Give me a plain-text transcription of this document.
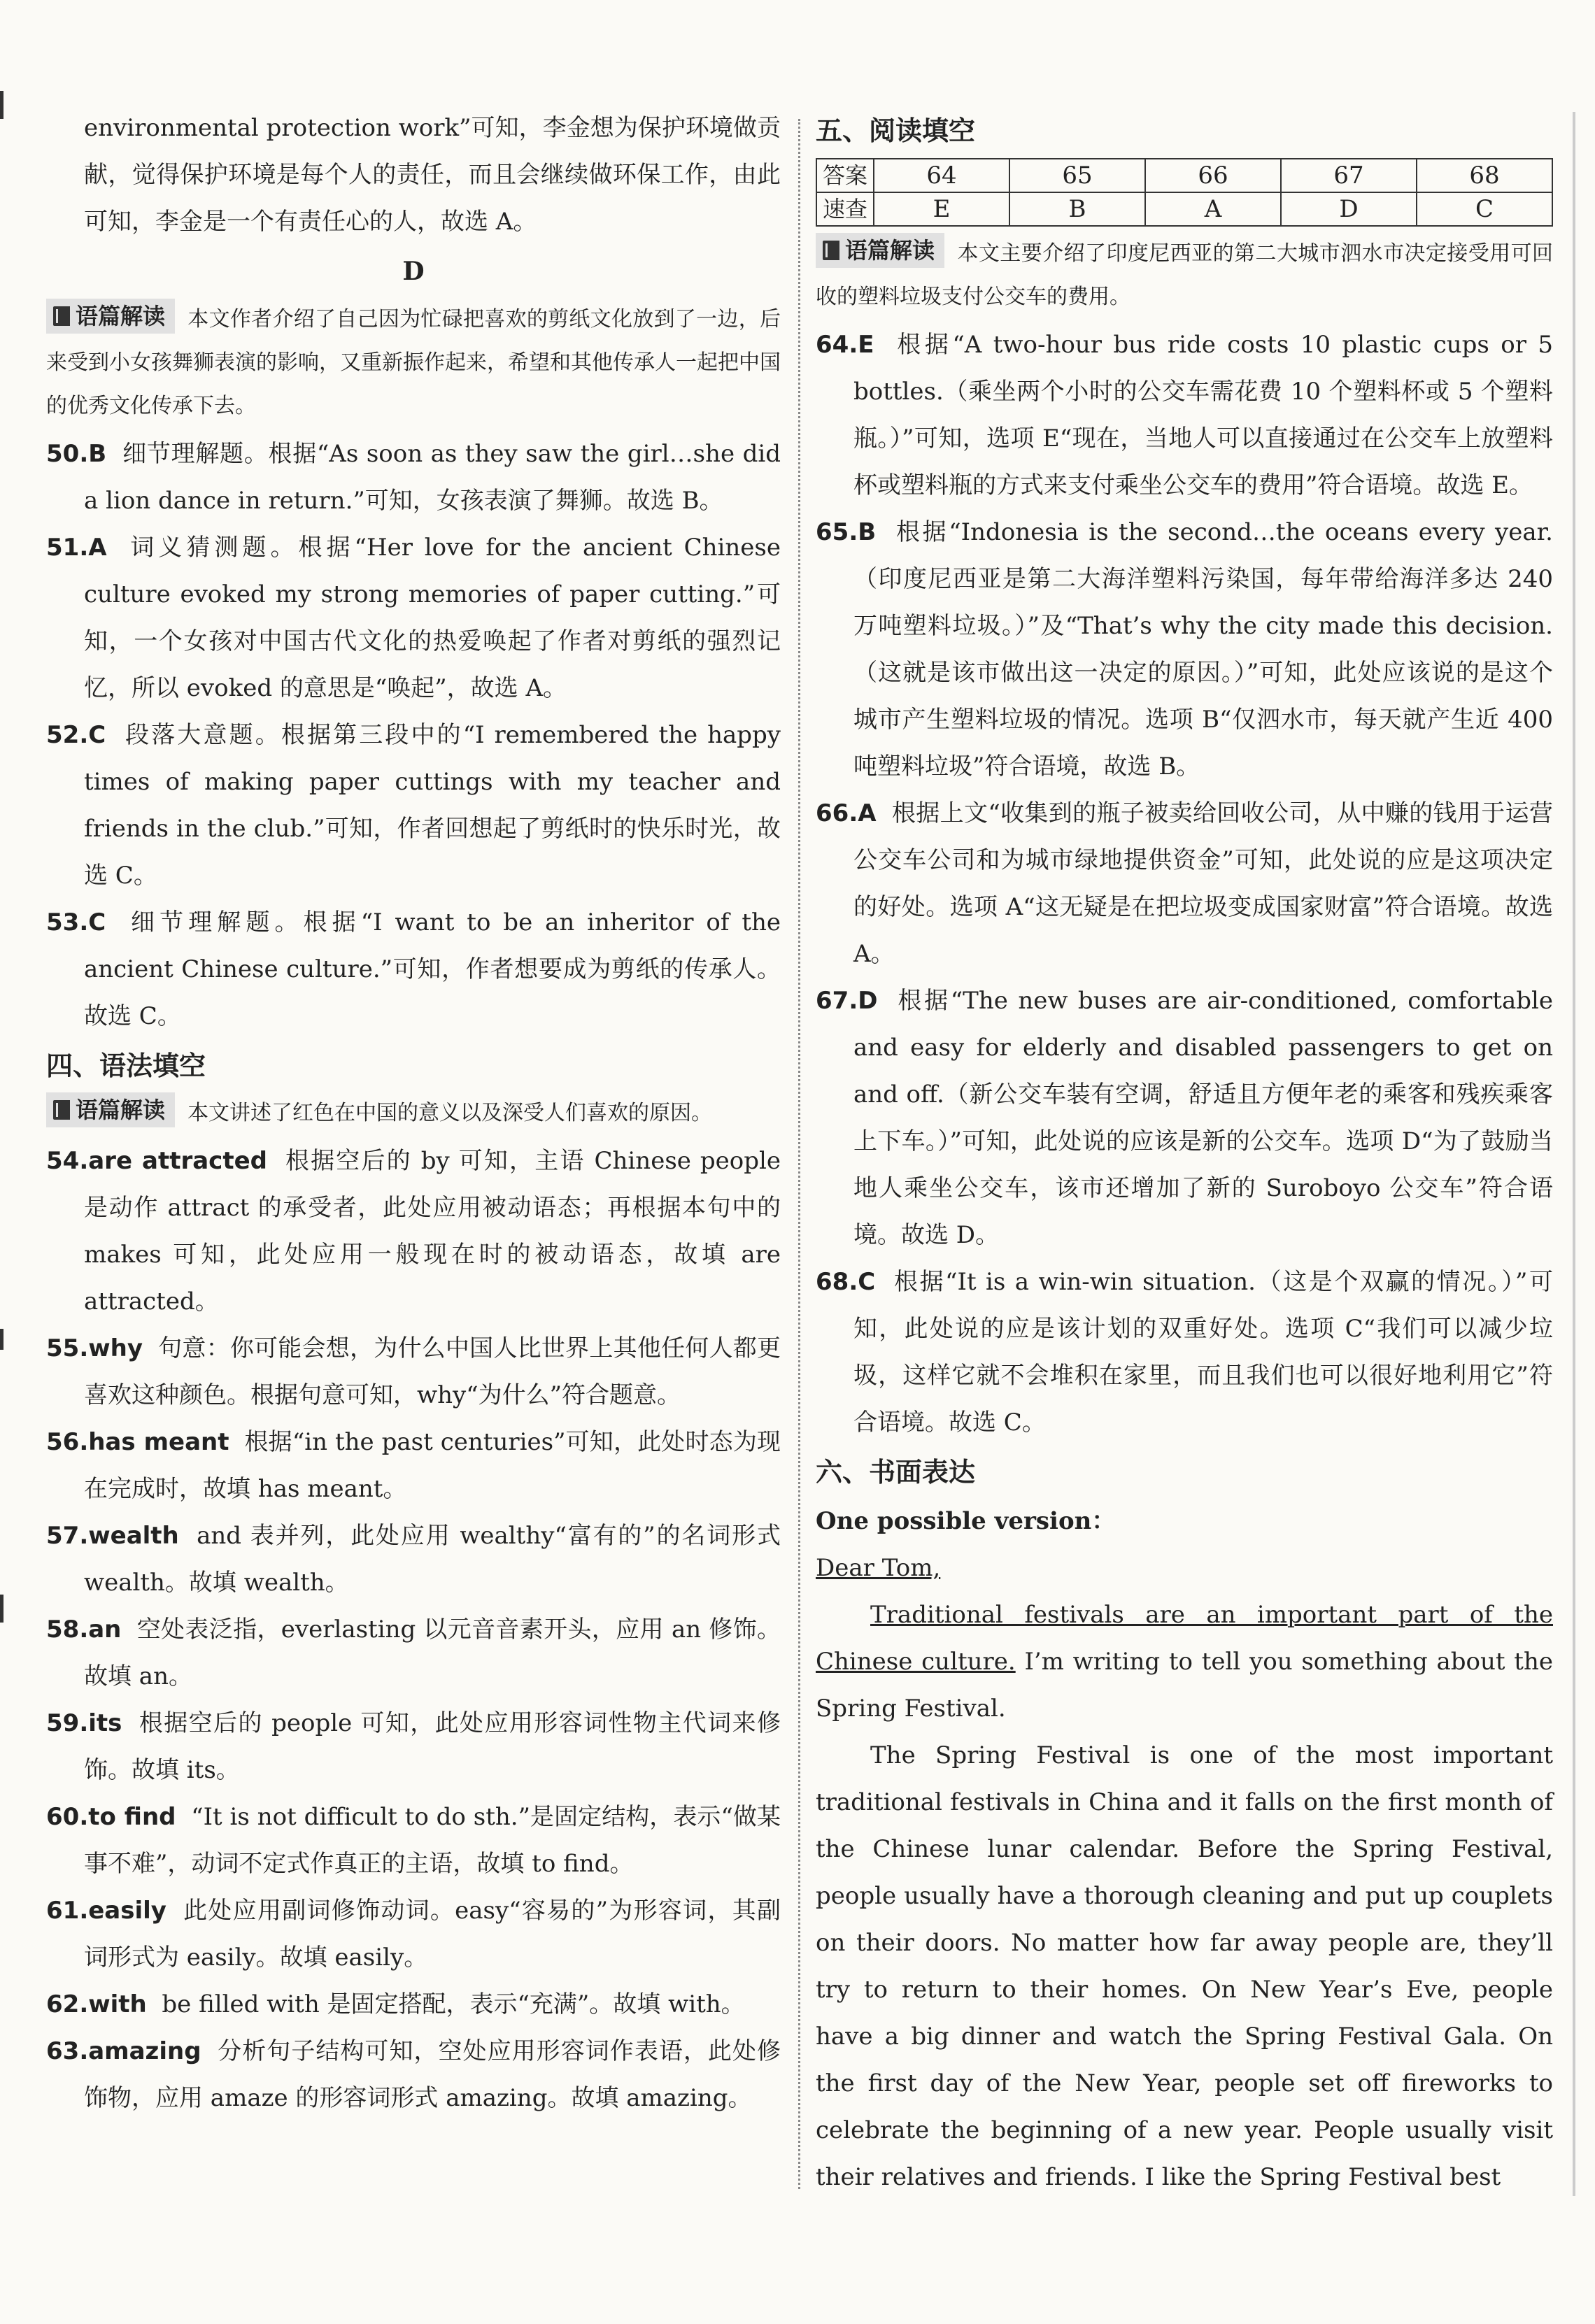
environmental protection work”可知，李金想为保护环境做贡献，觉得保护环境是每个人的责任，而且会继续做环保工作，由此可知，李金是一个有责任心的人，故选 A。

D
语篇解读 本文作者介绍了自己因为忙碌把喜欢的剪纸文化放到了一边，后来受到小女孩舞狮表演的影响，又重新振作起来，希望和其他传承人一起把中国的优秀文化传承下去。

50.B 细节理解题。根据“As soon as they saw the girl…she did a lion dance in return.”可知，女孩表演了舞狮。故选 B。

51.A 词义猜测题。根据“Her love for the ancient Chinese culture evoked my strong memories of paper cutting.”可知，一个女孩对中国古代文化的热爱唤起了作者对剪纸的强烈记忆，所以 evoked 的意思是“唤起”，故选 A。

52.C 段落大意题。根据第三段中的“I remembered the happy times of making paper cuttings with my teacher and friends in the club.”可知，作者回想起了剪纸时的快乐时光，故选 C。

53.C 细节理解题。根据“I want to be an inheritor of the ancient Chinese culture.”可知，作者想要成为剪纸的传承人。故选 C。

四、语法填空
语篇解读 本文讲述了红色在中国的意义以及深受人们喜欢的原因。

54.are attracted 根据空后的 by 可知，主语 Chinese people 是动作 attract 的承受者，此处应用被动语态；再根据本句中的 makes 可知，此处应用一般现在时的被动语态，故填 are attracted。

55.why 句意：你可能会想，为什么中国人比世界上其他任何人都更喜欢这种颜色。根据句意可知，why“为什么”符合题意。

56.has meant 根据“in the past centuries”可知，此处时态为现在完成时，故填 has meant。

57.wealth and 表并列，此处应用 wealthy“富有的”的名词形式 wealth。故填 wealth。

58.an 空处表泛指，everlasting 以元音音素开头，应用 an 修饰。故填 an。

59.its 根据空后的 people 可知，此处应用形容词性物主代词来修饰。故填 its。

60.to find “It is not difficult to do sth.”是固定结构，表示“做某事不难”，动词不定式作真正的主语，故填 to find。

61.easily 此处应用副词修饰动词。easy“容易的”为形容词，其副词形式为 easily。故填 easily。

62.with be filled with 是固定搭配，表示“充满”。故填 with。

63.amazing 分析句子结构可知，空处应用形容词作表语，此处修饰物，应用 amaze 的形容词形式 amazing。故填 amazing。

五、阅读填空
答案	64	65	66	67	68
速查	E	B	A	D	C
语篇解读 本文主要介绍了印度尼西亚的第二大城市泗水市决定接受用可回收的塑料垃圾支付公交车的费用。

64.E 根据“A two-hour bus ride costs 10 plastic cups or 5 bottles.（乘坐两个小时的公交车需花费 10 个塑料杯或 5 个塑料瓶。）”可知，选项 E“现在，当地人可以直接通过在公交车上放塑料杯或塑料瓶的方式来支付乘坐公交车的费用”符合语境。故选 E。

65.B 根据“Indonesia is the second…the oceans every year.（印度尼西亚是第二大海洋塑料污染国，每年带给海洋多达 240 万吨塑料垃圾。）”及“That’s why the city made this decision.（这就是该市做出这一决定的原因。）”可知，此处应该说的是这个城市产生塑料垃圾的情况。选项 B“仅泗水市，每天就产生近 400 吨塑料垃圾”符合语境，故选 B。

66.A 根据上文“收集到的瓶子被卖给回收公司，从中赚的钱用于运营公交车公司和为城市绿地提供资金”可知，此处说的应是这项决定的好处。选项 A“这无疑是在把垃圾变成国家财富”符合语境。故选 A。

67.D 根据“The new buses are air-conditioned, comfortable and easy for elderly and disabled passengers to get on and off.（新公交车装有空调，舒适且方便年老的乘客和残疾乘客上下车。）”可知，此处说的应该是新的公交车。选项 D“为了鼓励当地人乘坐公交车，该市还增加了新的 Suroboyo 公交车”符合语境。故选 D。

68.C 根据“It is a win-win situation.（这是个双赢的情况。）”可知，此处说的应是该计划的双重好处。选项 C“我们可以减少垃圾，这样它就不会堆积在家里，而且我们也可以很好地利用它”符合语境。故选 C。

六、书面表达

One possible version：

Dear Tom,

Traditional festivals are an important part of the Chinese culture. I’m writing to tell you something about the Spring Festival.

The Spring Festival is one of the most important traditional festivals in China and it falls on the first month of the Chinese lunar calendar. Before the Spring Festival, people usually have a thorough cleaning and put up couplets on their doors. No matter how far away people are, they’ll try to return to their homes. On New Year’s Eve, people have a big dinner and watch the Spring Festival Gala. On the first day of the New Year, people set off fireworks to celebrate the beginning of a new year. People usually visit their relatives and friends. I like the Spring Festival best
